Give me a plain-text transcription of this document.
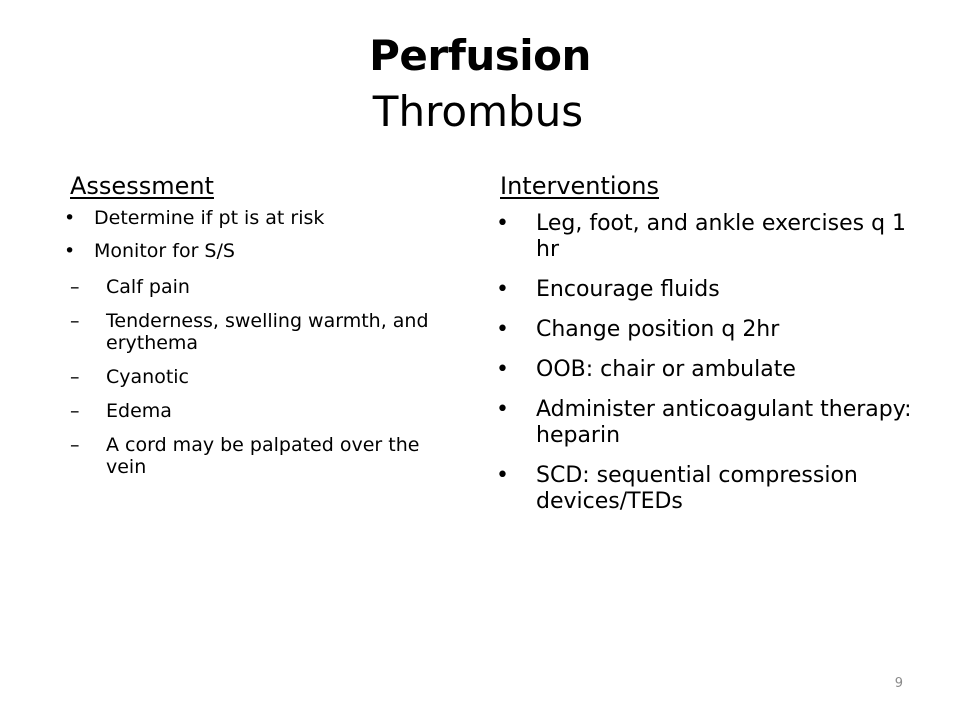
Perfusion
Thrombus
Assessment
• Determine if pt is at risk
• Monitor for S/S
– Calf pain
– Tenderness, swelling warmth, and erythema
– Cyanotic
– Edema
– A cord may be palpated over the vein
Interventions
• Leg, foot, and ankle exercises q 1 hr
• Encourage fluids
• Change position q 2hr
• OOB: chair or ambulate
• Administer anticoagulant therapy: heparin
• SCD: sequential compression devices/TEDs
9
